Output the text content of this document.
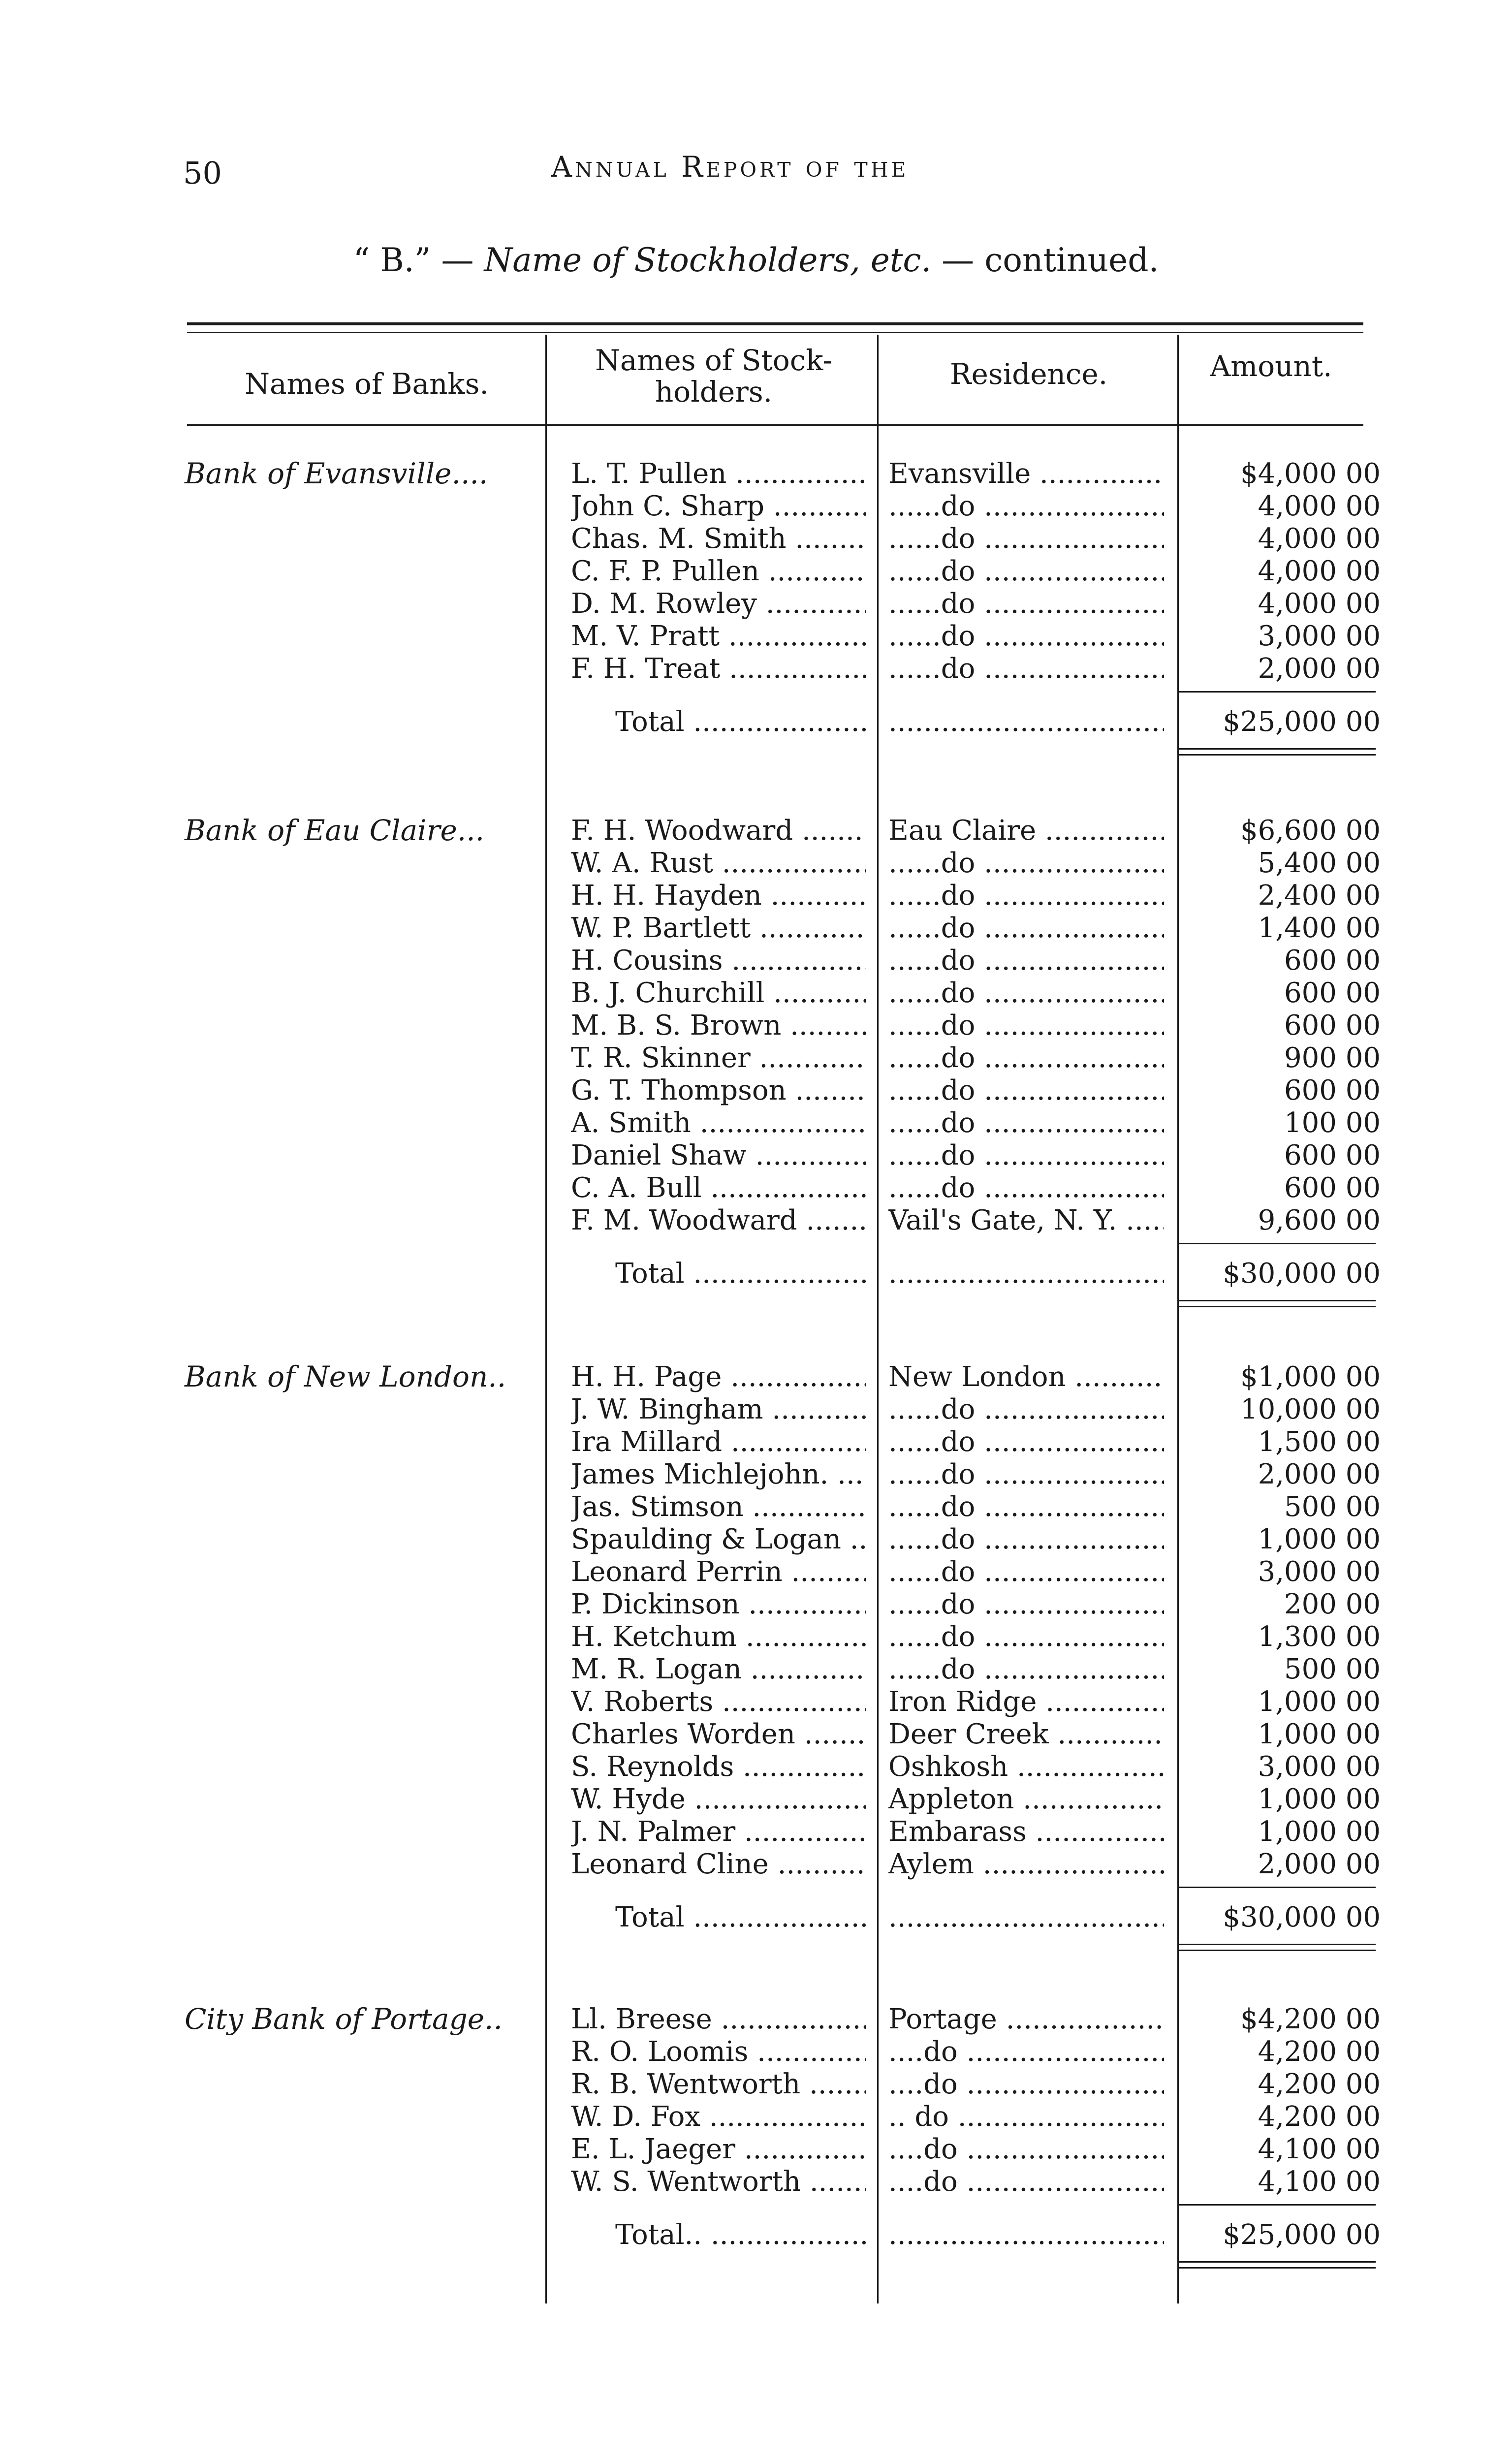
50	Annual Report of the
“ B.” — Name of Stockholders, etc. — continued.
Names of Banks.
Names of Stock-
holders.
Residence.	Amount.
Bank of Evansville....	L. T. Pullen .....	Evansville .....	$4,000 00
John C. Sharp .....	......do .....	4,000 00
Chas. M. Smith .....	......do .....	4,000 00
C. F. P. Pullen .....	......do .....	4,000 00
D. M. Rowley .....	......do .....	4,000 00
M. V. Pratt .....	......do .....	3,000 00
F. H. Treat .....	......do .....	2,000 00
Total ..... .....	$25,000 00
Bank of Eau Claire...	F. H. Woodward .....	Eau Claire .....	$6,600 00
W. A. Rust .....	......do .....	5,400 00
H. H. Hayden .....	......do .....	2,400 00
W. P. Bartlett .....	......do .....	1,400 00
H. Cousins .....	......do .....	600 00
B. J. Churchill .....	......do .....	600 00
M. B. S. Brown .....	......do .....	600 00
T. R. Skinner .....	......do .....	900 00
G. T. Thompson .....	......do .....	600 00
A. Smith .....	......do .....	100 00
Daniel Shaw .....	......do .....	600 00
C. A. Bull .....	......do .....	600 00
F. M. Woodward .....	Vail's Gate, N. Y. .....	9,600 00
Total ..... .....	$30,000 00
Bank of New London.. H. H. Page .....	New London .....	$1,000 00
J. W. Bingham .....	......do .....	10,000 00
Ira Millard .....	......do .....	1,500 00
James Michlejohn. .....	......do .....	2,000 00
Jas. Stimson .....	......do .....	500 00
Spaulding & Logan .....	......do .....	1,000 00
Leonard Perrin .....	......do .....	3,000 00
P. Dickinson .....	......do .....	200 00
H. Ketchum .....	......do .....	1,300 00
M. R. Logan .....	......do .....	500 00
V. Roberts .....	Iron Ridge .....	1,000 00
Charles Worden .....	Deer Creek .....	1,000 00
S. Reynolds .....	Oshkosh .....	3,000 00
W. Hyde .....	Appleton .....	1,000 00
J. N. Palmer .....	Embarass .....	1,000 00
Leonard Cline .....	Aylem .....	2,000 00
Total ..... .....	$30,000 00
City Bank of Portage.. Ll. Breese .....	Portage .....	$4,200 00
R. O. Loomis .....	....do .....	4,200 00
R. B. Wentworth .....	....do .....	4,200 00
W. D. Fox .....	.. do .....	4,200 00
E. L. Jaeger .....	....do .....	4,100 00
W. S. Wentworth .....	....do .....	4,100 00
Total.. ..... .....	$25,000 00
